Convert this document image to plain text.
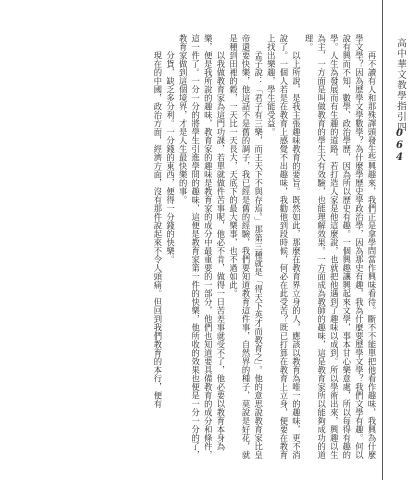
高中華文教學指引四
064

再不讀有人和那殊譯頭發生些興趣來，我們正是拿學問當作興味看待。斷不不能單把他看作趣味，我興為什麼學文學？因為歷學文學數學？為什麼學歷史學政治學，因為那史有趣，我為什麼要歷學文學？我們文學有趣。何以說有興而不知，數學、政治學歷，因為所以歷史有趣。一個興趣讓興起來文學，事本甘心樂意處，所以每得有趣的學。人生為發展而有生趣的道路，若打造人家是他這麼說，也就把他遇到了趣味以成到。所以學術出來，興趣以生為主，一方面是叫做教育的學生大有效驗，也能理解效果。一方面成為教師的趣味，這是教育家所以能夠成功的道理。

以上所說，是我主張趣味教育的要旨。既然如此，那麼在教育界立身的人，應該以教育為唯一的趣味，更不消說了。一個人若是在教育上感覺不出趣味，我勸他到段時候，何必在此受苦？既已打算在教育上立身，便要在教育上找出樂趣，學生能受益。

孟子說：「君子有三樂，而王天下不與存焉。」那第三種就是「得天下英才而教育之」。他的意思說教育家比皇帝還要快樂，他這話不是舊的調子，我已經是舊的經驗，我們要知道教育這件事，自然界的種子，莫說是好花，就是種到田裡的穀，一天比一天長大，天底下的最大樂事，也不過如此。

以我做教育家為這門功課，若單就做件苦事呢，他必不肯，做得一日苦差事就受不了，他必要以教育本身為樂，便是我所說的趣味，教育家的趣味是教育家的成分中最重要的一部分，他們也知道要具備教育的成分和條件，這一件了。一分一分的將學生引進學問的趣味，這便是教育家第一件的快樂，他所收的效果也便是一分一分的了，教育家做到這個境界，才是人生最快樂的事。

分貨，缺乏多分利。一分錢的東西，便得一分錢的快樂。

現在的中國，政治方面，經濟方面，沒有那件說起來不令人頭痛。但回到我們教育的本行，便有
